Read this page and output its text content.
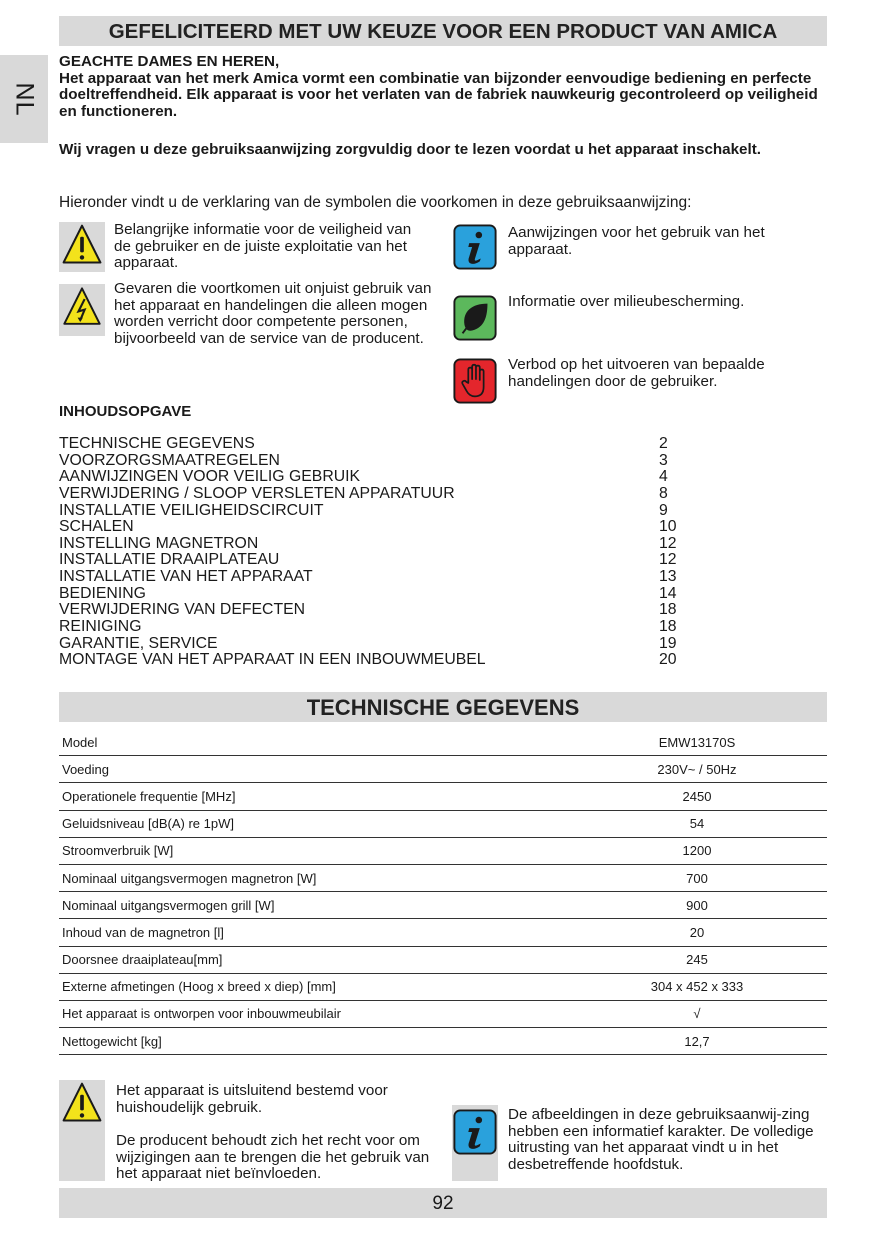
NL
GEFELICITEERD MET UW KEUZE VOOR EEN PRODUCT VAN AMICA

GEACHTE DAMES EN HEREN,

Het apparaat van het merk Amica vormt een combinatie van bijzonder eenvoudige bediening en perfecte doeltreffendheid. Elk apparaat is voor het verlaten van de fabriek nauwkeurig gecontroleerd op veiligheid en functioneren.

Wij vragen u deze gebruiksaanwijzing zorgvuldig door te lezen voordat u het apparaat inschakelt.
Hieronder vindt u de verklaring van de symbolen die voorkomen in deze gebruiksaanwijzing:
Belangrijke informatie voor de veiligheid van de gebruiker en de juiste exploitatie van het apparaat.
Gevaren die voortkomen uit onjuist gebruik van het apparaat en handelingen die alleen mogen worden verricht door competente personen, bijvoorbeeld van de service van de producent.
Aanwijzingen voor het gebruik van het apparaat.
Informatie over milieubescherming.
Verbod op het uitvoeren van bepaalde handelingen door de gebruiker.
INHOUDSOPGAVE
TECHNISCHE GEGEVENS	2
VOORZORGSMAATREGELEN	3
AANWIJZINGEN VOOR VEILIG GEBRUIK	4
VERWIJDERING / SLOOP VERSLETEN APPARATUUR	8
INSTALLATIE VEILIGHEIDSCIRCUIT	9
SCHALEN	10
INSTELLING MAGNETRON	12
INSTALLATIE DRAAIPLATEAU	12
INSTALLATIE VAN HET APPARAAT	13
BEDIENING	14
VERWIJDERING VAN DEFECTEN	18
REINIGING	18
GARANTIE, SERVICE	19
MONTAGE VAN HET APPARAAT IN EEN INBOUWMEUBEL	20
TECHNISCHE GEGEVENS
Model	EMW13170S
Voeding	230V~ / 50Hz
Operationele frequentie [MHz]	2450
Geluidsniveau [dB(A) re 1pW]	54
Stroomverbruik [W]	1200
Nominaal uitgangsvermogen magnetron [W]	700
Nominaal uitgangsvermogen grill [W]	900
Inhoud van de magnetron [l]	20
Doorsnee draaiplateau[mm]	245
Externe afmetingen (Hoog x breed x diep) [mm]	304 x 452 x 333
Het apparaat is ontworpen voor inbouwmeubilair	√
Nettogewicht [kg]	12,7
Het apparaat is uitsluitend bestemd voor huishoudelijk gebruik.
De producent behoudt zich het recht voor om wijzigingen aan te brengen die het gebruik van het apparaat niet beïnvloeden.
De afbeeldingen in deze gebruiksaanwij-zing hebben een informatief karakter. De volledige uitrusting van het apparaat vindt u in het desbetreffende hoofdstuk.
92
